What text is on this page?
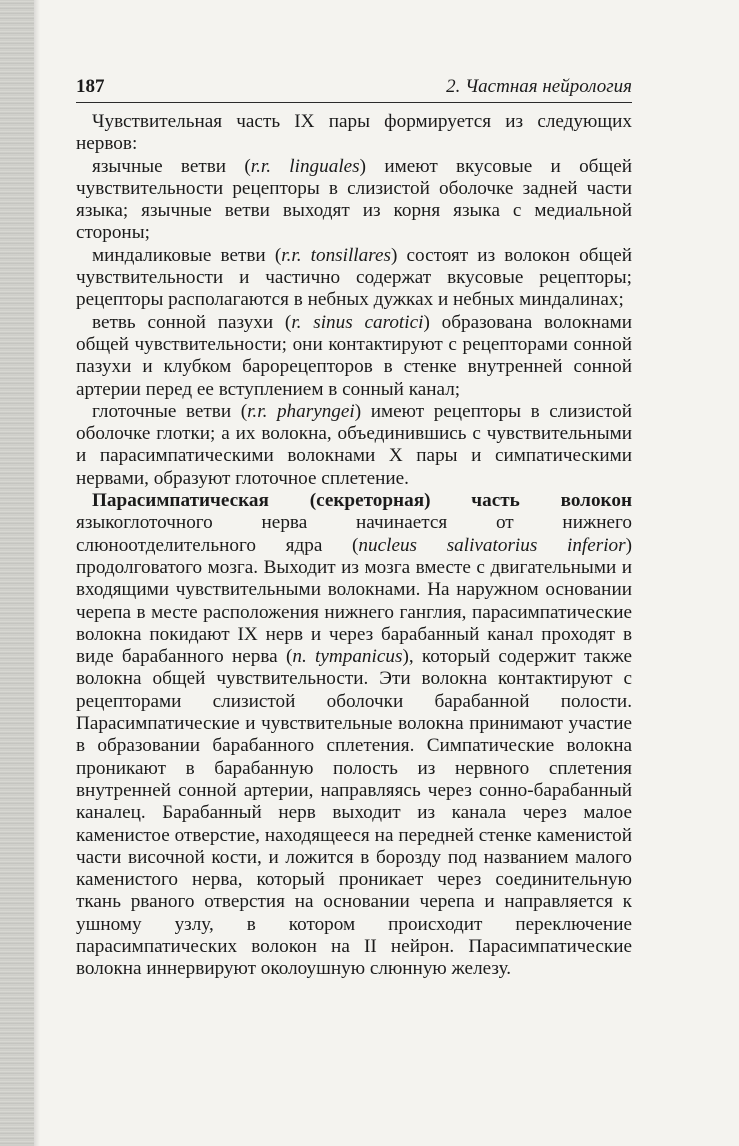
187	2. Частная нейрология

Чувствительная часть IX пары формируется из следующих нервов:

язычные ветви (r.r. linguales) имеют вкусовые и общей чувствительности рецепторы в слизистой оболочке задней части языка; язычные ветви выходят из корня языка с медиальной стороны;

миндаликовые ветви (r.r. tonsillares) состоят из волокон общей чувствительности и частично содержат вкусовые рецепторы; рецепторы располагаются в небных дужках и небных миндалинах;

ветвь сонной пазухи (r. sinus carotici) образована волокнами общей чувствительности; они контактируют с рецепторами сонной пазухи и клубком барорецепторов в стенке внутренней сонной артерии перед ее вступлением в сонный канал;

глоточные ветви (r.r. pharyngei) имеют рецепторы в слизистой оболочке глотки; а их волокна, объединившись с чувствительными и парасимпатическими волокнами X пары и симпатическими нервами, образуют глоточное сплетение.

Парасимпатическая (секреторная) часть волокон языкоглоточного нерва начинается от нижнего слюноотделительного ядра (nucleus salivatorius inferior) продолговатого мозга. Выходит из мозга вместе с двигательными и входящими чувствительными волокнами. На наружном основании черепа в месте расположения нижнего ганглия, парасимпатические волокна покидают IX нерв и через барабанный канал проходят в виде барабанного нерва (n. tympanicus), который содержит также волокна общей чувствительности. Эти волокна контактируют с рецепторами слизистой оболочки барабанной полости. Парасимпатические и чувствительные волокна принимают участие в образовании барабанного сплетения. Симпатические волокна проникают в барабанную полость из нервного сплетения внутренней сонной артерии, направляясь через сонно-барабанный каналец. Барабанный нерв выходит из канала через малое каменистое отверстие, находящееся на передней стенке каменистой части височной кости, и ложится в борозду под названием малого каменистого нерва, который проникает через соединительную ткань рваного отверстия на основании черепа и направляется к ушному узлу, в котором происходит переключение парасимпатических волокон на II нейрон. Парасимпатические волокна иннервируют околоушную слюнную железу.
